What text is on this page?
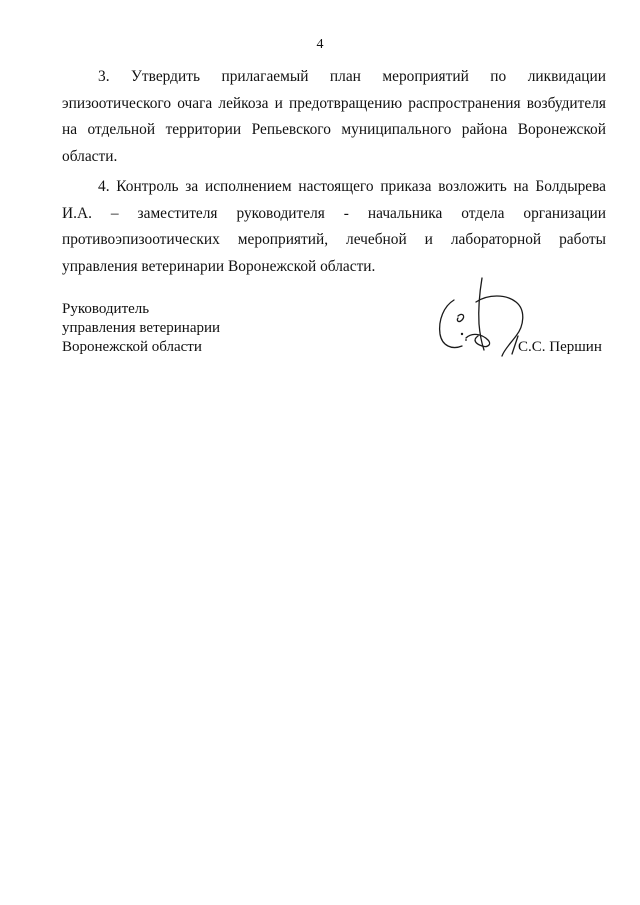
4

3. Утвердить прилагаемый план мероприятий по ликвидации эпизоотического очага лейкоза и предотвращению распространения возбудителя на отдельной территории Репьевского муниципального района Воронежской области.

4. Контроль за исполнением настоящего приказа возложить на Болдырева И.А. – заместителя руководителя - начальника отдела организации противоэпизоотических мероприятий, лечебной и лабораторной работы управления ветеринарии Воронежской области.

Руководитель
управления ветеринарии
Воронежской области	С.С. Першин
